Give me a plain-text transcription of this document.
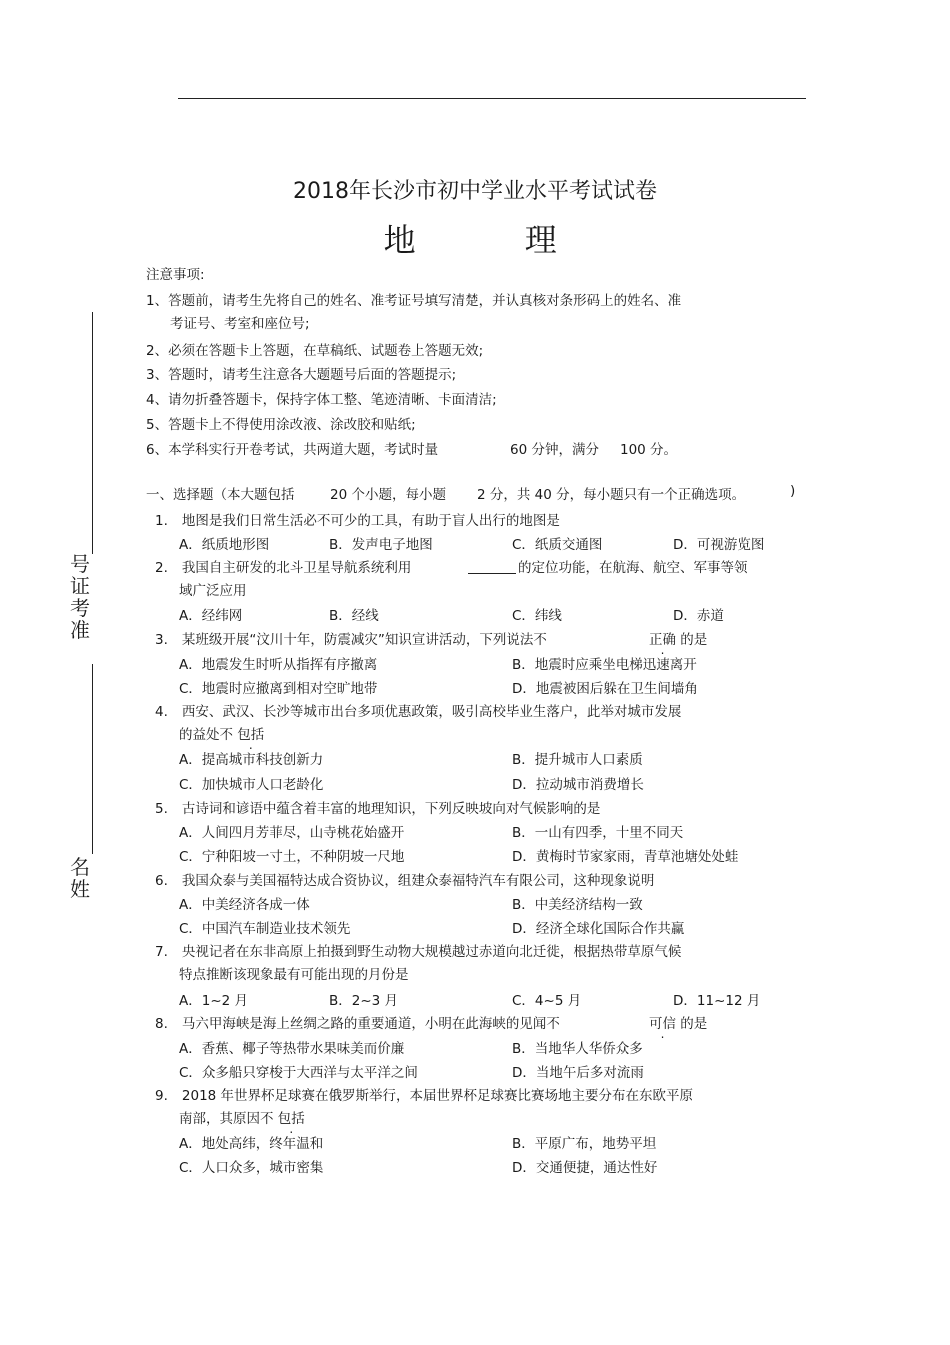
2018年长沙市初中学业水平考试试卷
地	理
号证考准
名姓
注意事项:
1、答题前，请考生先将自己的姓名、准考证号填写清楚，并认真核对条形码上的姓名、准
考证号、考室和座位号;
2、必须在答题卡上答题，在草稿纸、试题卷上答题无效;
3、答题时，请考生注意各大题题号后面的答题提示;
4、请勿折叠答题卡，保持字体工整、笔迹清晰、卡面清洁;
5、答题卡上不得使用涂改液、涂改胶和贴纸;
6、本学科实行开卷考试，共两道大题，考试时量	60 分钟，满分 100 分。
一、选择题（本大题包括	20 个小题，每小题 2 分，共 40 分，每小题只有一个正确选项。	)
1. 地图是我们日常生活必不可少的工具，有助于盲人出行的地图是
A．纸质地形图	B．发声电子地图	C．纸质交通图	D．可视游览图
2. 我国自主研发的北斗卫星导航系统利用	的定位功能，在航海、航空、军事等领
域广泛应用
A．经纬网	B．经线	C．纬线	D．赤道
3. 某班级开展“汶川十年，防震减灾”知识宣讲活动，下列说法不	正确 的是
A．地震发生时听从指挥有序撤离	B．地震时应乘坐电梯迅速离开
C．地震时应撤离到相对空旷地带	D．地震被困后躲在卫生间墙角
4. 西安、武汉、长沙等城市出台多项优惠政策，吸引高校毕业生落户，此举对城市发展
的益处不 包括
A．提高城市科技创新力	B．提升城市人口素质
C．加快城市人口老龄化	D．拉动城市消费增长
5. 古诗词和谚语中蕴含着丰富的地理知识，下列反映坡向对气候影响的是
A．人间四月芳菲尽，山寺桃花始盛开	B．一山有四季，十里不同天
C．宁种阳坡一寸土，不种阴坡一尺地	D．黄梅时节家家雨，青草池塘处处蛙
6. 我国众泰与美国福特达成合资协议，组建众泰福特汽车有限公司，这种现象说明
A．中美经济各成一体	B．中美经济结构一致
C．中国汽车制造业技术领先	D．经济全球化国际合作共赢
7. 央视记者在东非高原上拍摄到野生动物大规模越过赤道向北迁徙，根据热带草原气候
特点推断该现象最有可能出现的月份是
A．1~2 月	B．2~3 月	C．4~5 月	D．11~12 月
8. 马六甲海峡是海上丝绸之路的重要通道，小明在此海峡的见闻不	可信 的是
A．香蕉、椰子等热带水果味美而价廉	B．当地华人华侨众多
C．众多船只穿梭于大西洋与太平洋之间	D．当地午后多对流雨
9. 2018 年世界杯足球赛在俄罗斯举行，本届世界杯足球赛比赛场地主要分布在东欧平原
南部，其原因不 包括
A．地处高纬，终年温和	B．平原广布，地势平坦
C．人口众多，城市密集	D．交通便捷，通达性好
